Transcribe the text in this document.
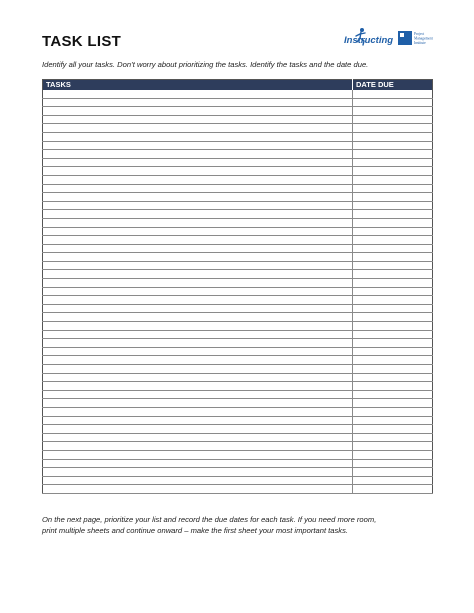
TASK LIST	Instructing
Project
Management
Institute
Identify all your tasks. Don’t worry about prioritizing the tasks. Identify the tasks and the date due.
TASKS	DATE DUE

On the next page, prioritize your list and record the due dates for each task. If you need more room,
print multiple sheets and continue onward – make the first sheet your most important tasks.
